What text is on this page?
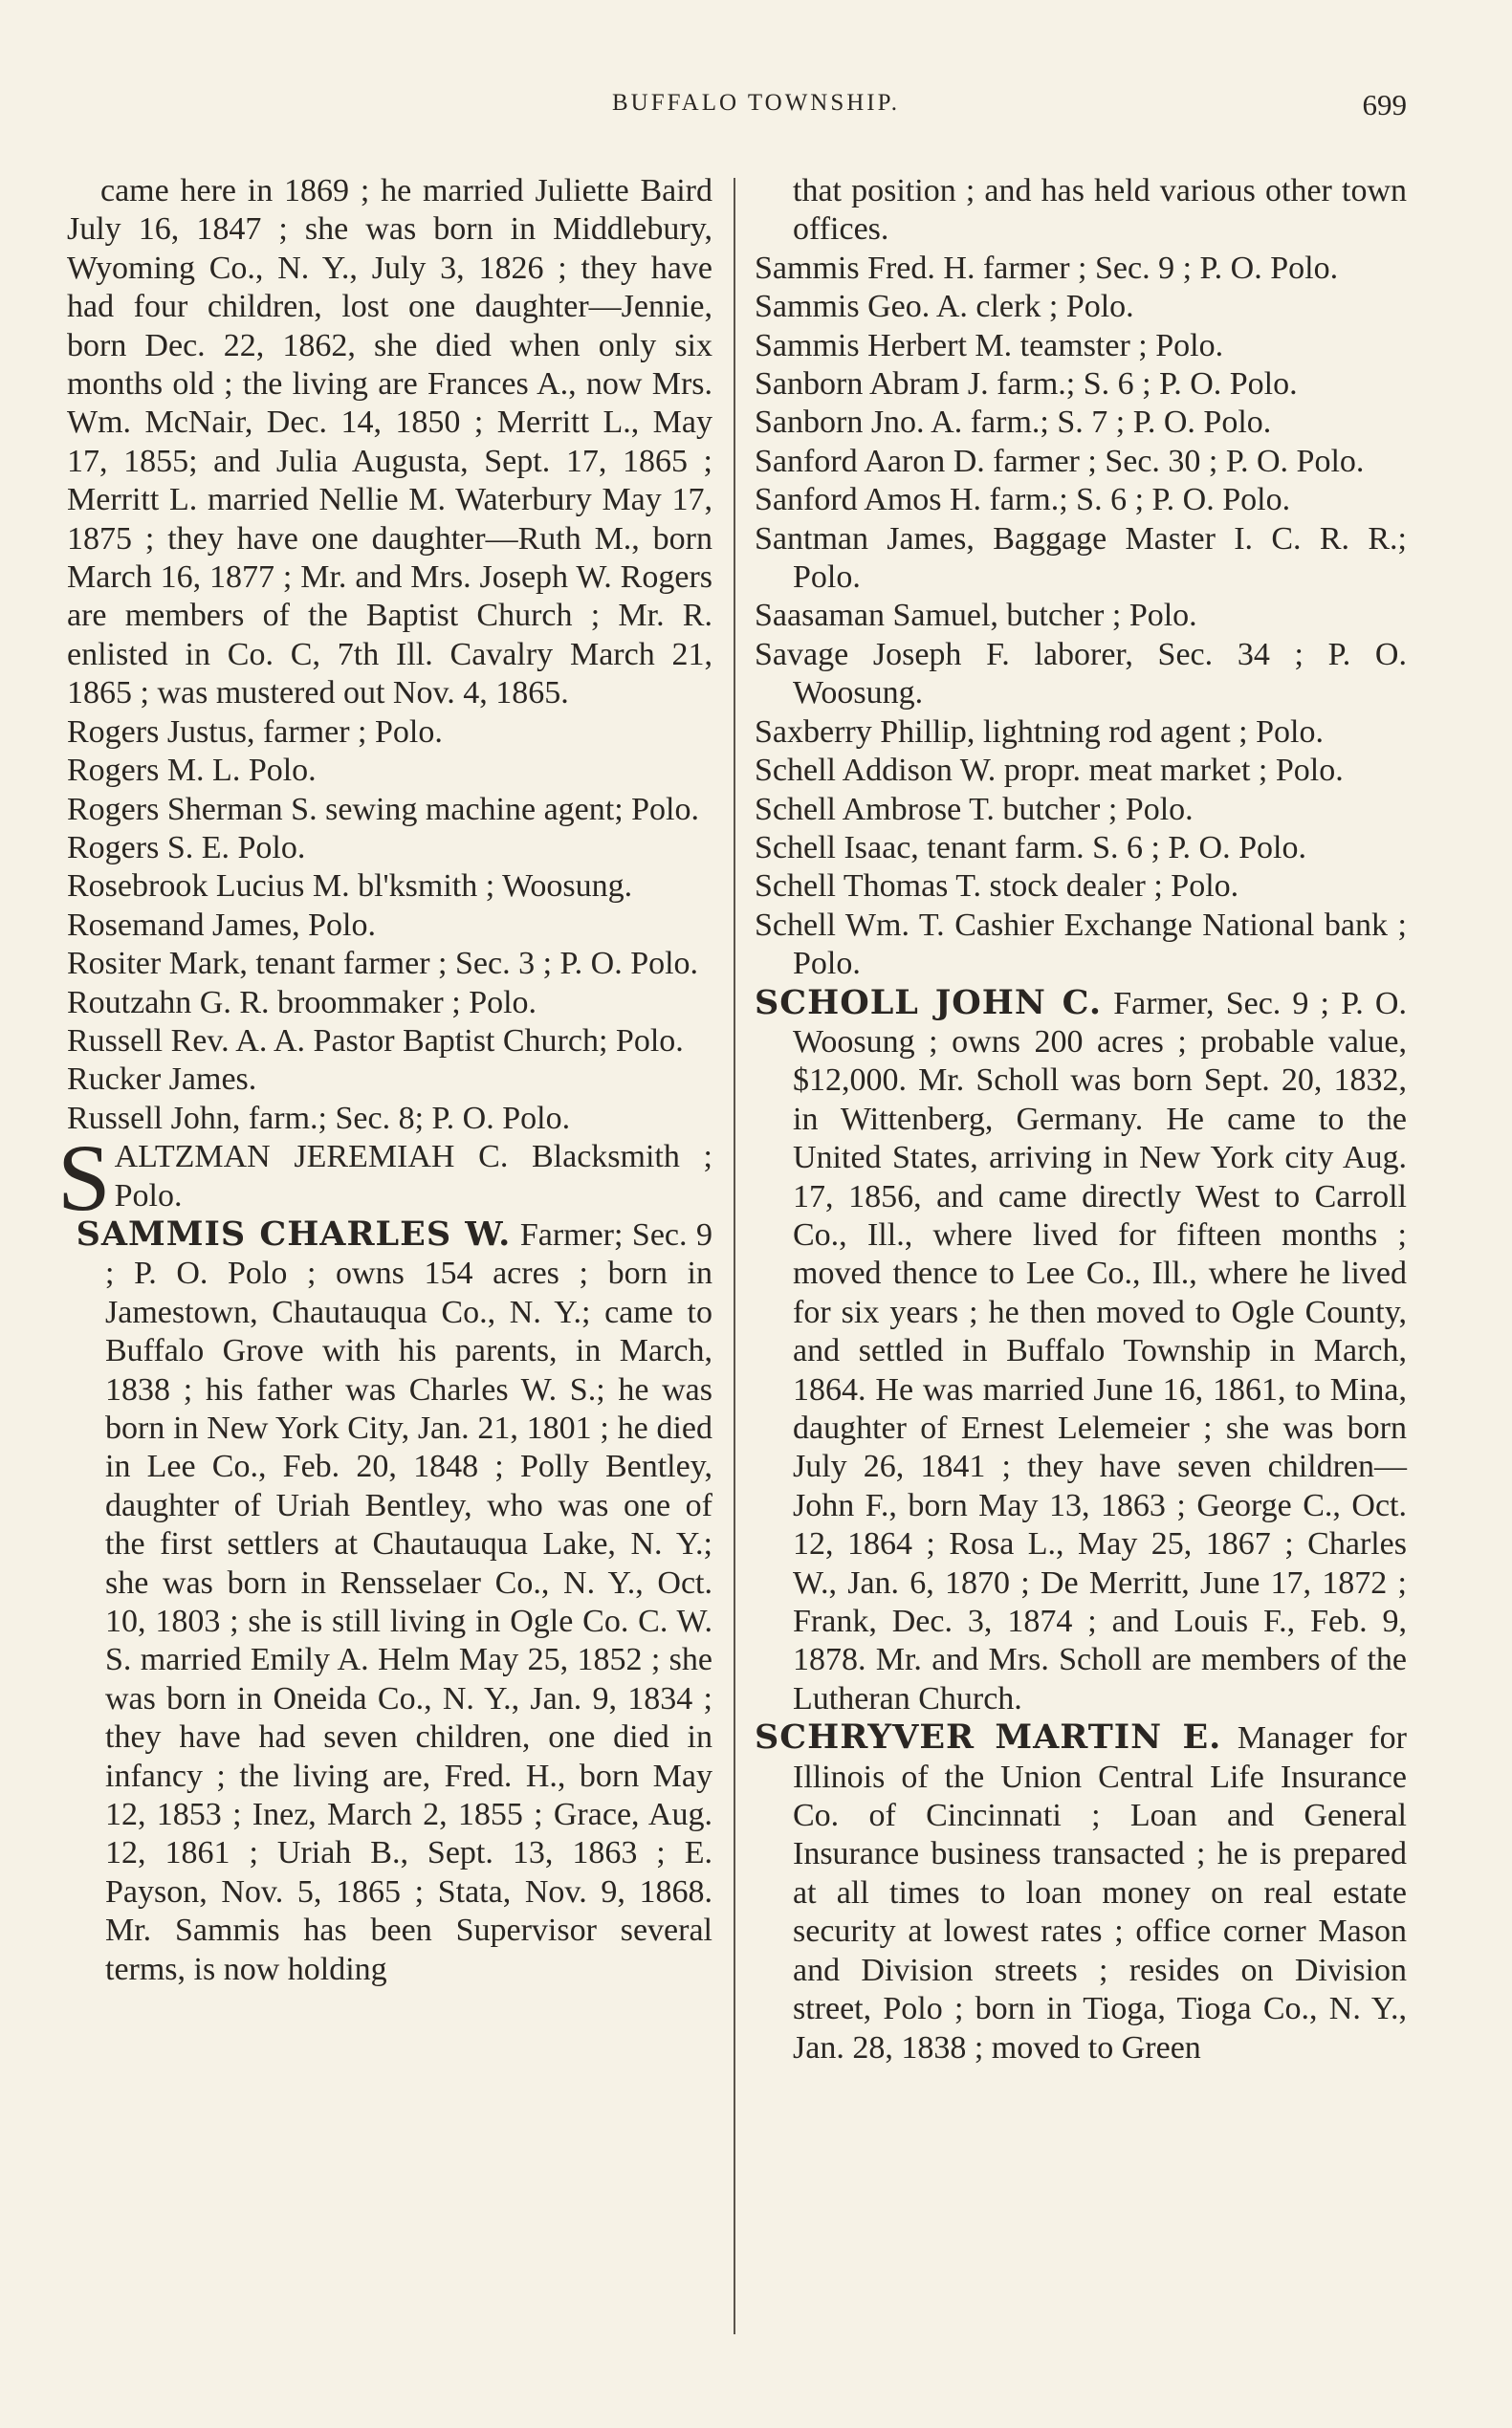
BUFFALO TOWNSHIP.	699
came here in 1869 ; he married Juliette Baird July 16, 1847 ; she was born in Middlebury, Wyoming Co., N. Y., July 3, 1826 ; they have had four children, lost one daughter—Jennie, born Dec. 22, 1862, she died when only six months old ; the living are Frances A., now Mrs. Wm. McNair, Dec. 14, 1850 ; Merritt L., May 17, 1855; and Julia Augusta, Sept. 17, 1865 ; Merritt L. married Nellie M. Waterbury May 17, 1875 ; they have one daughter—Ruth M., born March 16, 1877 ; Mr. and Mrs. Joseph W. Rogers are members of the Baptist Church ; Mr. R. enlisted in Co. C, 7th Ill. Cavalry March 21, 1865 ; was mustered out Nov. 4, 1865.
Rogers Justus, farmer ; Polo.
Rogers M. L. Polo.
Rogers Sherman S. sewing machine agent; Polo.
Rogers S. E. Polo.
Rosebrook Lucius M. bl'ksmith ; Woosung.
Rosemand James, Polo.
Rositer Mark, tenant farmer ; Sec. 3 ; P. O. Polo.
Routzahn G. R. broommaker ; Polo.
Russell Rev. A. A. Pastor Baptist Church; Polo.
Rucker James.
Russell John, farm.; Sec. 8; P. O. Polo.
SALTZMAN JEREMIAH C. Blacksmith ; Polo.
SAMMIS CHARLES W. Farmer; Sec. 9 ; P. O. Polo ; owns 154 acres ; born in Jamestown, Chautauqua Co., N. Y.; came to Buffalo Grove with his parents, in March, 1838 ; his father was Charles W. S.; he was born in New York City, Jan. 21, 1801 ; he died in Lee Co., Feb. 20, 1848 ; Polly Bentley, daughter of Uriah Bentley, who was one of the first settlers at Chautauqua Lake, N. Y.; she was born in Rensselaer Co., N. Y., Oct. 10, 1803 ; she is still living in Ogle Co. C. W. S. married Emily A. Helm May 25, 1852 ; she was born in Oneida Co., N. Y., Jan. 9, 1834 ; they have had seven children, one died in infancy ; the living are, Fred. H., born May 12, 1853 ; Inez, March 2, 1855 ; Grace, Aug. 12, 1861 ; Uriah B., Sept. 13, 1863 ; E. Payson, Nov. 5, 1865 ; Stata, Nov. 9, 1868. Mr. Sammis has been Supervisor several terms, is now holding
that position ; and has held various other town offices.
Sammis Fred. H. farmer ; Sec. 9 ; P. O. Polo.
Sammis Geo. A. clerk ; Polo.
Sammis Herbert M. teamster ; Polo.
Sanborn Abram J. farm.; S. 6 ; P. O. Polo.
Sanborn Jno. A. farm.; S. 7 ; P. O. Polo.
Sanford Aaron D. farmer ; Sec. 30 ; P. O. Polo.
Sanford Amos H. farm.; S. 6 ; P. O. Polo.
Santman James, Baggage Master I. C. R. R.; Polo.
Saasaman Samuel, butcher ; Polo.
Savage Joseph F. laborer, Sec. 34 ; P. O. Woosung.
Saxberry Phillip, lightning rod agent ; Polo.
Schell Addison W. propr. meat market ; Polo.
Schell Ambrose T. butcher ; Polo.
Schell Isaac, tenant farm. S. 6 ; P. O. Polo.
Schell Thomas T. stock dealer ; Polo.
Schell Wm. T. Cashier Exchange National bank ; Polo.
SCHOLL JOHN C. Farmer, Sec. 9 ; P. O. Woosung ; owns 200 acres ; probable value, $12,000. Mr. Scholl was born Sept. 20, 1832, in Wittenberg, Germany. He came to the United States, arriving in New York city Aug. 17, 1856, and came directly West to Carroll Co., Ill., where lived for fifteen months ; moved thence to Lee Co., Ill., where he lived for six years ; he then moved to Ogle County, and settled in Buffalo Township in March, 1864. He was married June 16, 1861, to Mina, daughter of Ernest Lelemeier ; she was born July 26, 1841 ; they have seven children—John F., born May 13, 1863 ; George C., Oct. 12, 1864 ; Rosa L., May 25, 1867 ; Charles W., Jan. 6, 1870 ; De Merritt, June 17, 1872 ; Frank, Dec. 3, 1874 ; and Louis F., Feb. 9, 1878. Mr. and Mrs. Scholl are members of the Lutheran Church.
SCHRYVER MARTIN E. Manager for Illinois of the Union Central Life Insurance Co. of Cincinnati ; Loan and General Insurance business transacted ; he is prepared at all times to loan money on real estate security at lowest rates ; office corner Mason and Division streets ; resides on Division street, Polo ; born in Tioga, Tioga Co., N. Y., Jan. 28, 1838 ; moved to Green
